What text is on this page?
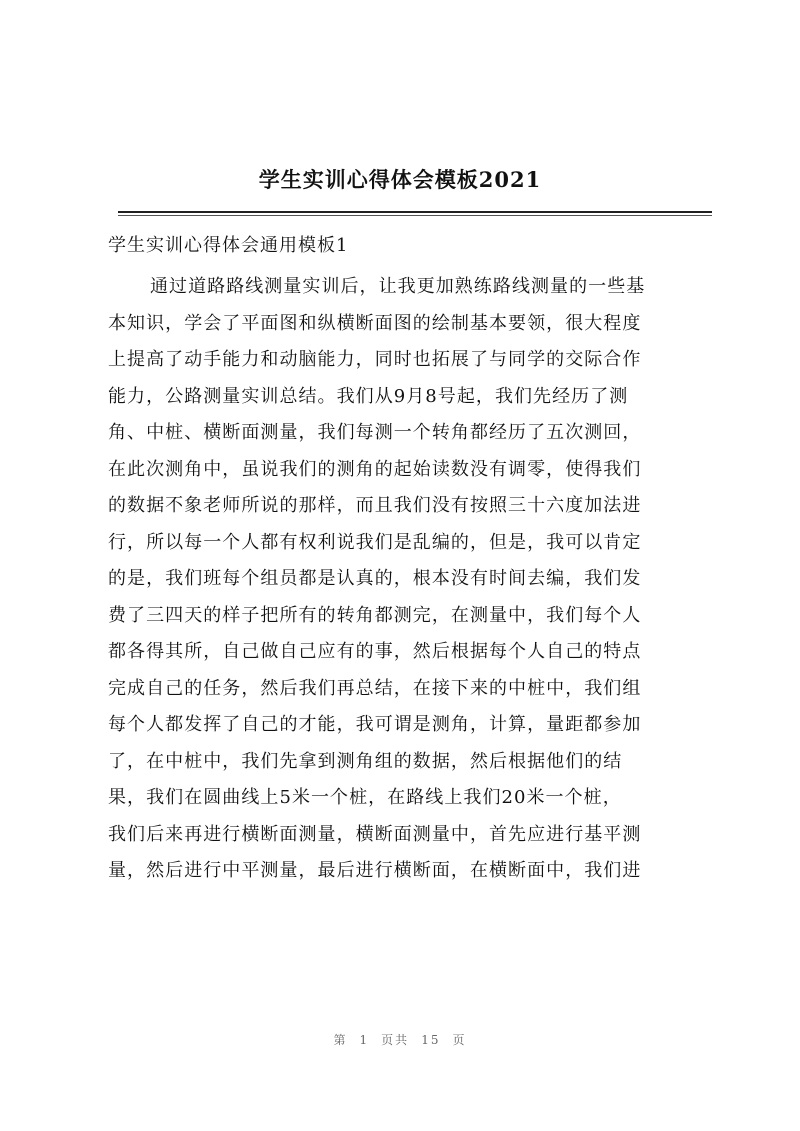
学生实训心得体会模板2021
学生实训心得体会通用模板1
通过道路路线测量实训后，让我更加熟练路线测量的一些基
本知识，学会了平面图和纵横断面图的绘制基本要领，很大程度
上提高了动手能力和动脑能力，同时也拓展了与同学的交际合作
能力，公路测量实训总结。我们从9月8号起，我们先经历了测
角、中桩、横断面测量，我们每测一个转角都经历了五次测回，
在此次测角中，虽说我们的测角的起始读数没有调零，使得我们
的数据不象老师所说的那样，而且我们没有按照三十六度加法进
行，所以每一个人都有权利说我们是乱编的，但是，我可以肯定
的是，我们班每个组员都是认真的，根本没有时间去编，我们发
费了三四天的样子把所有的转角都测完，在测量中，我们每个人
都各得其所，自己做自己应有的事，然后根据每个人自己的特点
完成自己的任务，然后我们再总结，在接下来的中桩中，我们组
每个人都发挥了自己的才能，我可谓是测角，计算，量距都参加
了，在中桩中，我们先拿到测角组的数据，然后根据他们的结
果，我们在圆曲线上5米一个桩，在路线上我们20米一个桩，
我们后来再进行横断面测量，横断面测量中，首先应进行基平测
量，然后进行中平测量，最后进行横断面，在横断面中，我们进
第 1 页共 15 页
